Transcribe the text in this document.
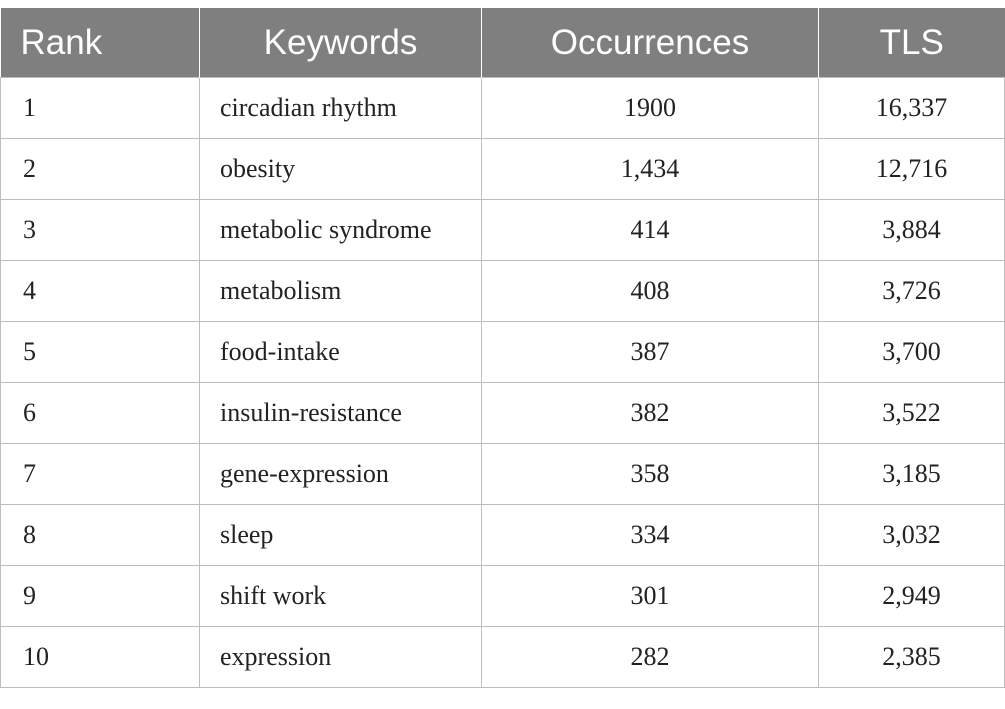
Rank	Keywords	Occurrences	TLS
1	circadian rhythm	1900	16,337
2	obesity	1,434	12,716
3	metabolic syndrome	414	3,884
4	metabolism	408	3,726
5	food-intake	387	3,700
6	insulin-resistance	382	3,522
7	gene-expression	358	3,185
8	sleep	334	3,032
9	shift work	301	2,949
10	expression	282	2,385
